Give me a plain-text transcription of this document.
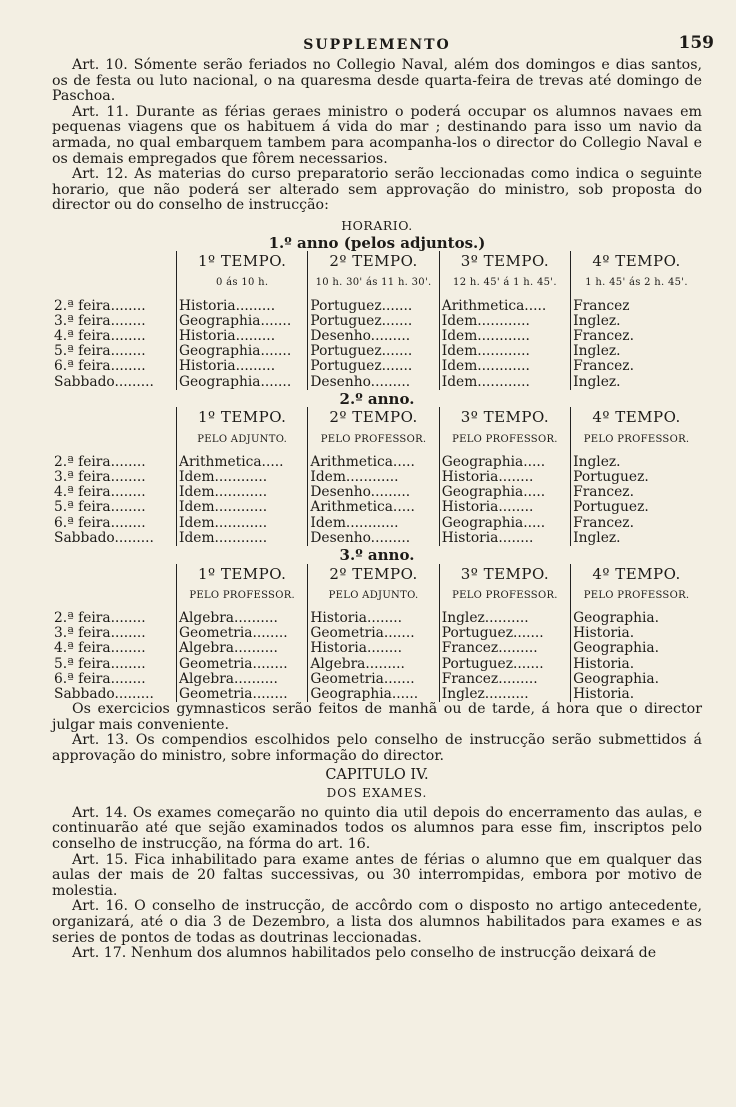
SUPPLEMENTO	159

Art. 10. Sómente serão feriados no Collegio Naval, além dos domingos e dias santos, os de festa ou luto nacional, o na quaresma desde quarta-feira de trevas até domingo de Paschoa.

Art. 11. Durante as férias geraes ministro o poderá occupar os alumnos navaes em pequenas viagens que os habituem á vida do mar ; destinando para isso um navio da armada, no qual embarquem tambem para acompanha-los o director do Collegio Naval e os demais empregados que fôrem necessarios.

Art. 12. As materias do curso preparatorio serão leccionadas como indica o seguinte horario, que não poderá ser alterado sem approvação do ministro, sob proposta do director ou do conselho de instrucção:

HORARIO.
1.º anno (pelos adjuntos.)
	1º TEMPO.	2º TEMPO.	3º TEMPO.	4º TEMPO.
	0 ás 10 h.	10 h. 30' ás 11 h. 30'.	12 h. 45' á 1 h. 45'.	1 h. 45' ás 2 h. 45'.
2.ª feira........	Historia.........	Portuguez.......	Arithmetica.....	Francez
3.ª feira........	Geographia.......	Portuguez.......	Idem............	Inglez.
4.ª feira........	Historia.........	Desenho.........	Idem............	Francez.
5.ª feira........	Geographia.......	Portuguez.......	Idem............	Inglez.
6.ª feira........	Historia.........	Portuguez.......	Idem............	Francez.
Sabbado.........	Geographia.......	Desenho.........	Idem............	Inglez.
2.º anno.
	1º TEMPO.	2º TEMPO.	3º TEMPO.	4º TEMPO.
	PELO ADJUNTO.	PELO PROFESSOR.	PELO PROFESSOR.	PELO PROFESSOR.
2.ª feira........	Arithmetica.....	Arithmetica.....	Geographia.....	Inglez.
3.ª feira........	Idem............	Idem............	Historia........	Portuguez.
4.ª feira........	Idem............	Desenho.........	Geographia.....	Francez.
5.ª feira........	Idem............	Arithmetica.....	Historia........	Portuguez.
6.ª feira........	Idem............	Idem............	Geographia.....	Francez.
Sabbado.........	Idem............	Desenho.........	Historia........	Inglez.
3.º anno.
	1º TEMPO.	2º TEMPO.	3º TEMPO.	4º TEMPO.
	PELO PROFESSOR.	PELO ADJUNTO.	PELO PROFESSOR.	PELO PROFESSOR.
2.ª feira........	Algebra..........	Historia........	Inglez..........	Geographia.
3.ª feira........	Geometria........	Geometria.......	Portuguez.......	Historia.
4.ª feira........	Algebra..........	Historia........	Francez.........	Geographia.
5.ª feira........	Geometria........	Algebra.........	Portuguez.......	Historia.
6.ª feira........	Algebra..........	Geometria.......	Francez.........	Geographia.
Sabbado.........	Geometria........	Geographia......	Inglez..........	Historia.

Os exercicios gymnasticos serão feitos de manhã ou de tarde, á hora que o director julgar mais conveniente.

Art. 13. Os compendios escolhidos pelo conselho de instrucção serão submettidos á approvação do ministro, sobre informação do director.

CAPITULO IV.
DOS EXAMES.

Art. 14. Os exames começarão no quinto dia util depois do encerramento das aulas, e continuarão até que sejão examinados todos os alumnos para esse fim, inscriptos pelo conselho de instrucção, na fórma do art. 16.

Art. 15. Fica inhabilitado para exame antes de férias o alumno que em qualquer das aulas der mais de 20 faltas successivas, ou 30 interrompidas, embora por motivo de molestia.

Art. 16. O conselho de instrucção, de accôrdo com o disposto no artigo antecedente, organizará, até o dia 3 de Dezembro, a lista dos alumnos habilitados para exames e as series de pontos de todas as doutrinas leccionadas.

Art. 17. Nenhum dos alumnos habilitados pelo conselho de instrucção deixará de
